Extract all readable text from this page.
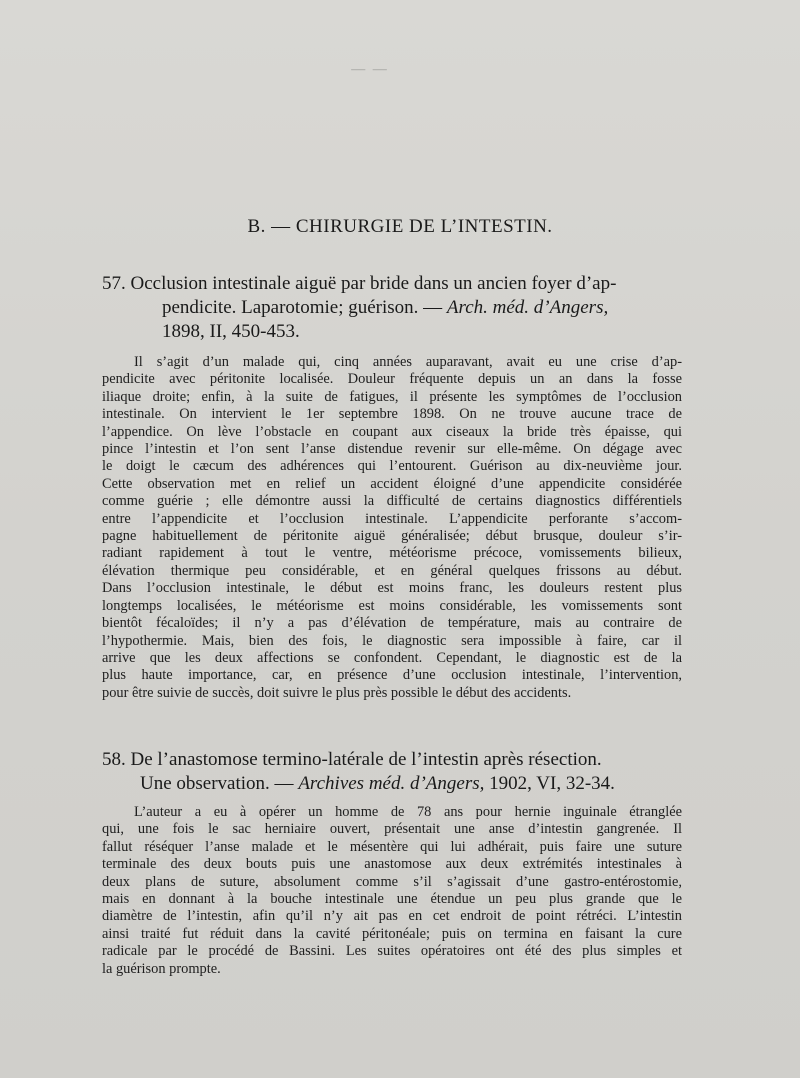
— —
B. — CHIRURGIE DE L’INTESTIN.
57. Occlusion intestinale aiguë par bride dans un ancien foyer d’ap-
pendicite. Laparotomie; guérison. — Arch. méd. d’Angers,
1898, II, 450-453.
Il s’agit d’un malade qui, cinq années auparavant, avait eu une crise d’ap-
pendicite avec péritonite localisée. Douleur fréquente depuis un an dans la fosse
iliaque droite; enfin, à la suite de fatigues, il présente les symptômes de l’occlusion
intestinale. On intervient le 1er septembre 1898. On ne trouve aucune trace de
l’appendice. On lève l’obstacle en coupant aux ciseaux la bride très épaisse, qui
pince l’intestin et l’on sent l’anse distendue revenir sur elle-même. On dégage avec
le doigt le cæcum des adhérences qui l’entourent. Guérison au dix-neuvième jour.
Cette observation met en relief un accident éloigné d’une appendicite considérée
comme guérie ; elle démontre aussi la difficulté de certains diagnostics différentiels
entre l’appendicite et l’occlusion intestinale. L’appendicite perforante s’accom-
pagne habituellement de péritonite aiguë généralisée; début brusque, douleur s’ir-
radiant rapidement à tout le ventre, météorisme précoce, vomissements bilieux,
élévation thermique peu considérable, et en général quelques frissons au début.
Dans l’occlusion intestinale, le début est moins franc, les douleurs restent plus
longtemps localisées, le météorisme est moins considérable, les vomissements sont
bientôt fécaloïdes; il n’y a pas d’élévation de température, mais au contraire de
l’hypothermie. Mais, bien des fois, le diagnostic sera impossible à faire, car il
arrive que les deux affections se confondent. Cependant, le diagnostic est de la
plus haute importance, car, en présence d’une occlusion intestinale, l’intervention,
pour être suivie de succès, doit suivre le plus près possible le début des accidents.
58. De l’anastomose termino-latérale de l’intestin après résection.
Une observation. — Archives méd. d’Angers, 1902, VI, 32-34.
L’auteur a eu à opérer un homme de 78 ans pour hernie inguinale étranglée
qui, une fois le sac herniaire ouvert, présentait une anse d’intestin gangrenée. Il
fallut réséquer l’anse malade et le mésentère qui lui adhérait, puis faire une suture
terminale des deux bouts puis une anastomose aux deux extrémités intestinales à
deux plans de suture, absolument comme s’il s’agissait d’une gastro-entérostomie,
mais en donnant à la bouche intestinale une étendue un peu plus grande que le
diamètre de l’intestin, afin qu’il n’y ait pas en cet endroit de point rétréci. L’intestin
ainsi traité fut réduit dans la cavité péritonéale; puis on termina en faisant la cure
radicale par le procédé de Bassini. Les suites opératoires ont été des plus simples et
la guérison prompte.
